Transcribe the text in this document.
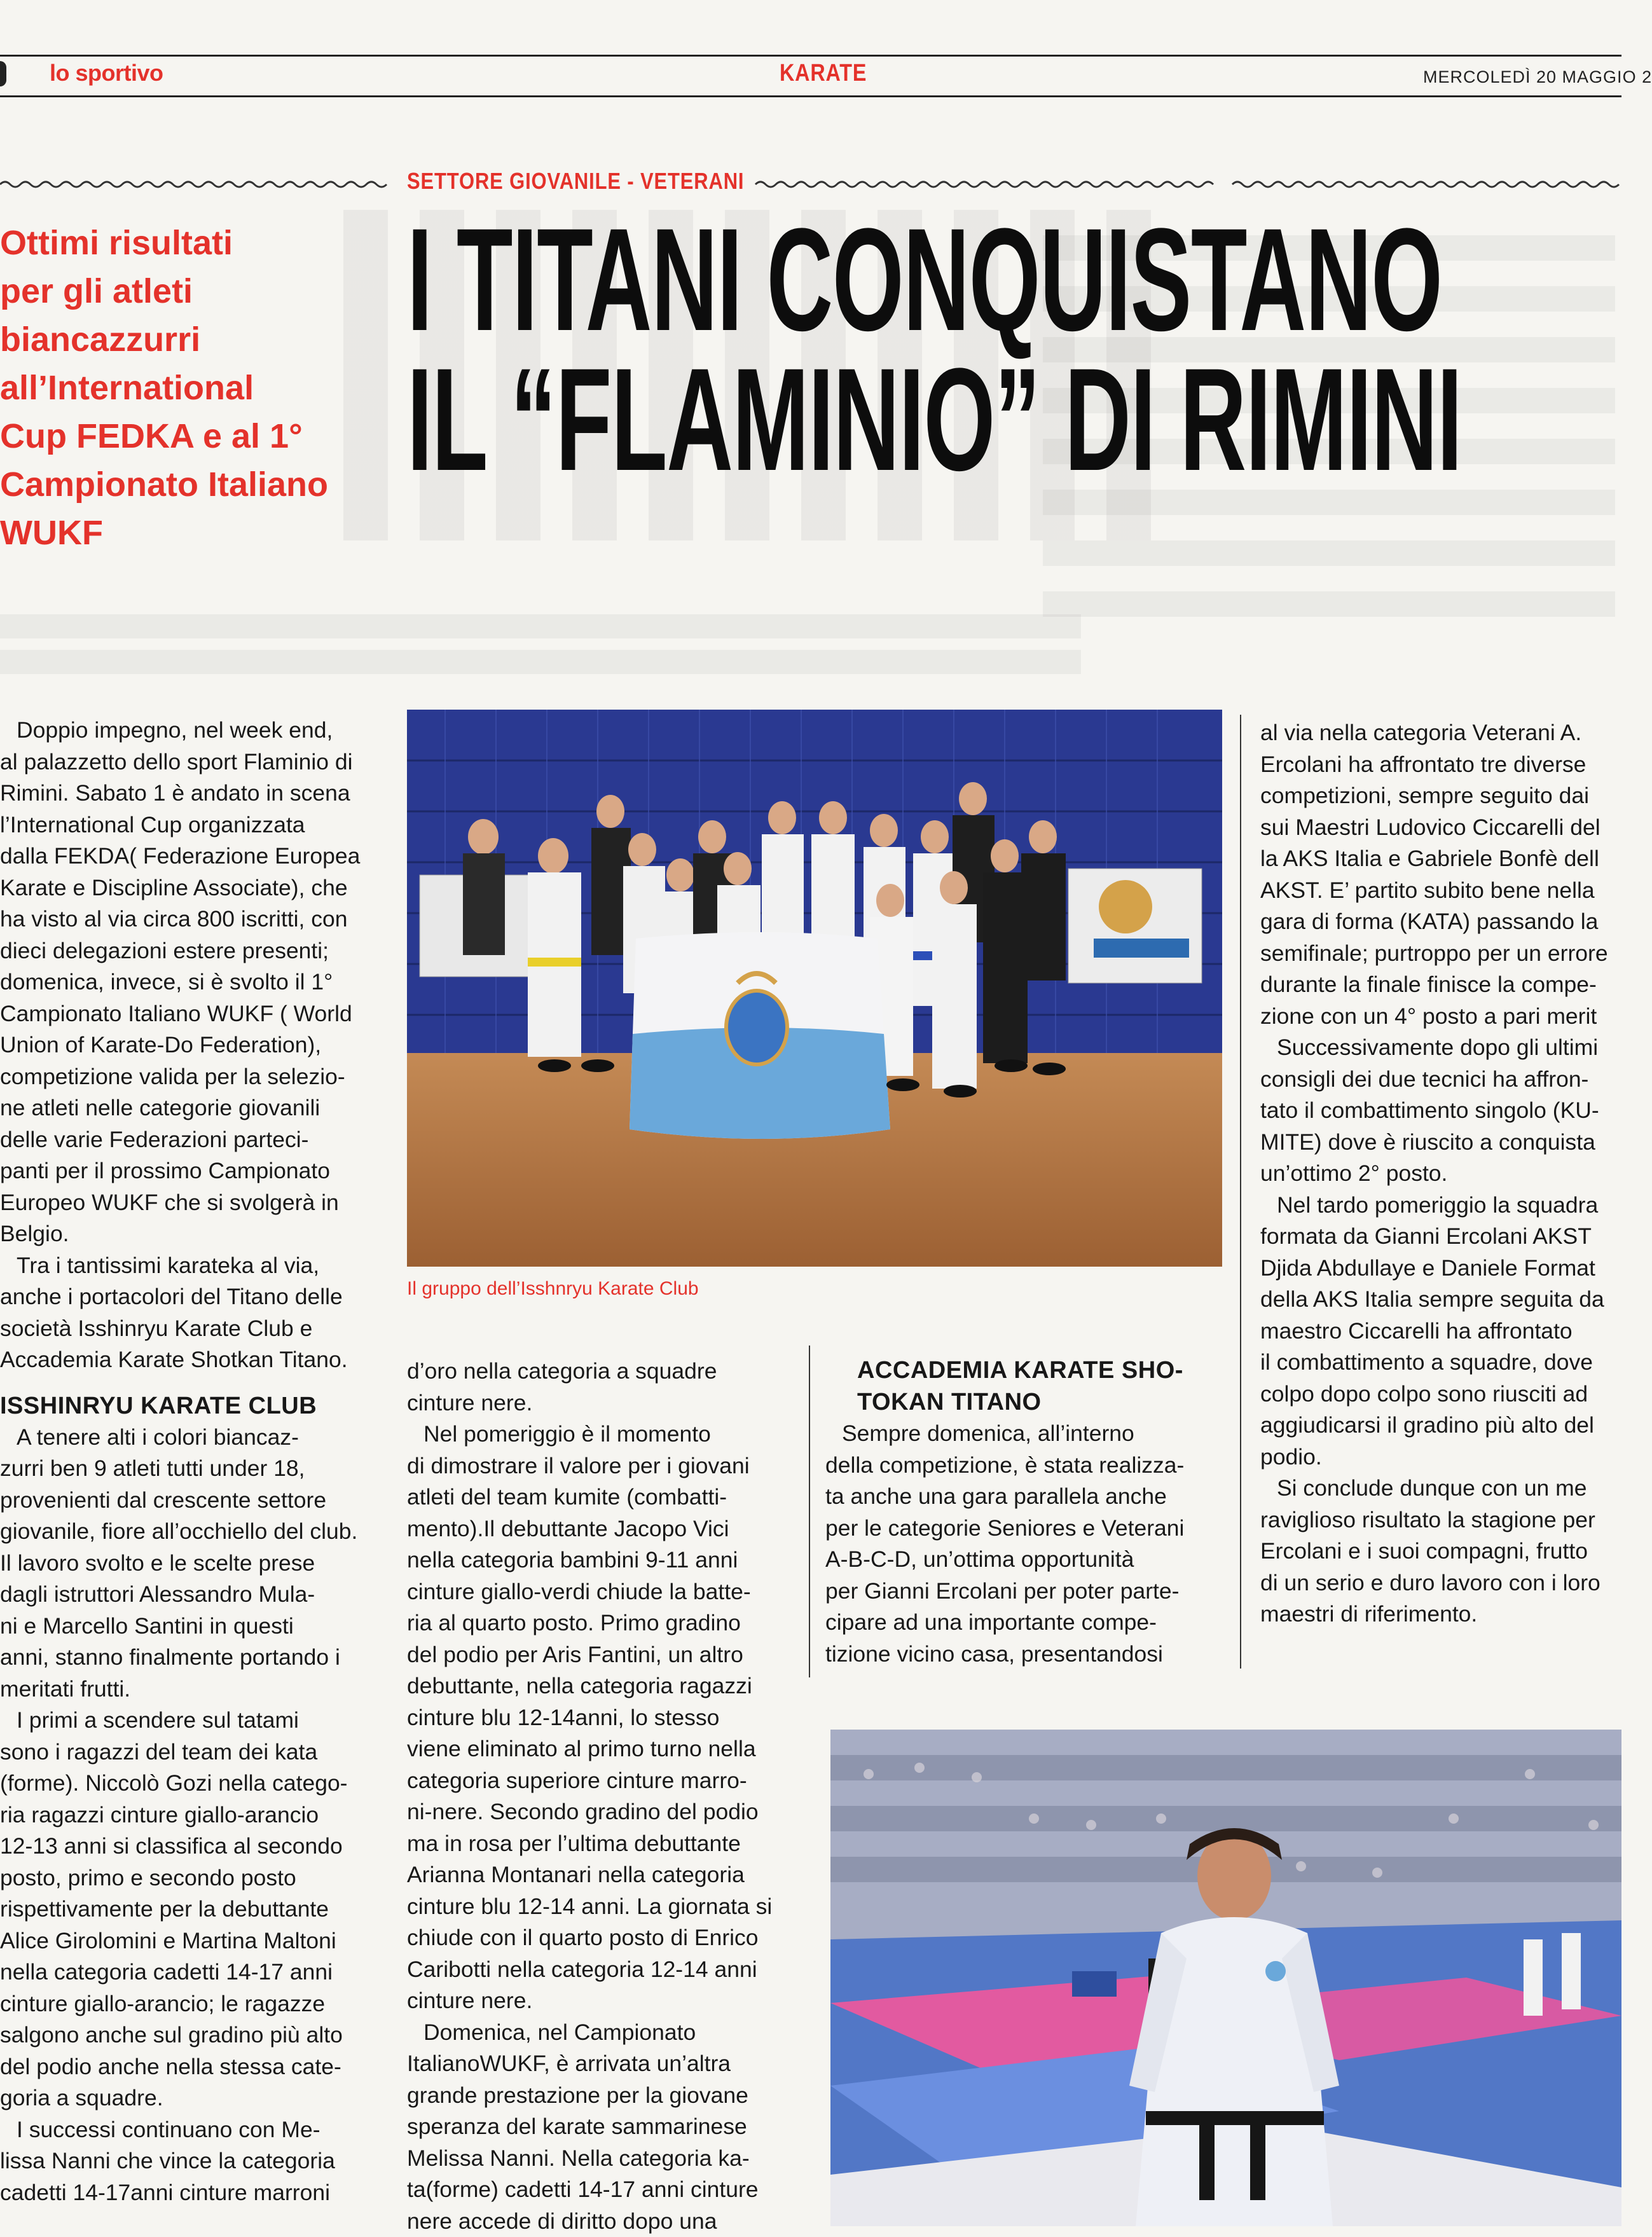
lo sportivo	KARATE	MERCOLEDÌ 20 MAGGIO 2
SETTORE GIOVANILE - VETERANI
I TITANI CONQUISTANO
IL “FLAMINIO” DI RIMINI
Ottimi risultati
per gli atleti
biancazzurri
all’International
Cup FEDKA e al 1°
Campionato Italiano
WUKF

Doppio impegno, nel week end,

al palazzetto dello sport Flaminio di

Rimini. Sabato 1 è andato in scena

l’International Cup organizzata

dalla FEKDA( Federazione Europea

Karate e Discipline Associate), che

ha visto al via circa 800 iscritti, con

dieci delegazioni estere presenti;

domenica, invece, si è svolto il 1°

Campionato Italiano WUKF ( World

Union of Karate-Do Federation),

competizione valida per la selezio-

ne atleti nelle categorie giovanili

delle varie Federazioni parteci-

panti per il prossimo Campionato

Europeo WUKF che si svolgerà in

Belgio.

Tra i tantissimi karateka al via,

anche i portacolori del Titano delle

società Isshinryu Karate Club e

Accademia Karate Shotkan Titano.

ISSHINRYU KARATE CLUB

A tenere alti i colori biancaz-

zurri ben 9 atleti tutti under 18,

provenienti dal crescente settore

giovanile, fiore all’occhiello del club.

Il lavoro svolto e le scelte prese

dagli istruttori Alessandro Mula-

ni e Marcello Santini in questi

anni, stanno finalmente portando i

meritati frutti.

I primi a scendere sul tatami

sono i ragazzi del team dei kata

(forme). Niccolò Gozi nella catego-

ria ragazzi cinture giallo-arancio

12-13 anni si classifica al secondo

posto, primo e secondo posto

rispettivamente per la debuttante

Alice Girolomini e Martina Maltoni

nella categoria cadetti 14-17 anni

cinture giallo-arancio; le ragazze

salgono anche sul gradino più alto

del podio anche nella stessa cate-

goria a squadre.

I successi continuano con Me-

lissa Nanni che vince la categoria

cadetti 14-17anni cinture marroni

Il gruppo dell’Isshnryu Karate Club

d’oro nella categoria a squadre

cinture nere.

Nel pomeriggio è il momento

di dimostrare il valore per i giovani

atleti del team kumite (combatti-

mento).Il debuttante Jacopo Vici

nella categoria bambini 9-11 anni

cinture giallo-verdi chiude la batte-

ria al quarto posto. Primo gradino

del podio per Aris Fantini, un altro

debuttante, nella categoria ragazzi

cinture blu 12-14anni, lo stesso

viene eliminato al primo turno nella

categoria superiore cinture marro-

ni-nere. Secondo gradino del podio

ma in rosa per l’ultima debuttante

Arianna Montanari nella categoria

cinture blu 12-14 anni. La giornata si

chiude con il quarto posto di Enrico

Caribotti nella categoria 12-14 anni

cinture nere.

Domenica, nel Campionato

ItalianoWUKF, è arrivata un’altra

grande prestazione per la giovane

speranza del karate sammarinese

Melissa Nanni. Nella categoria ka-

ta(forme) cadetti 14-17 anni cinture

nere accede di diritto dopo una

ACCADEMIA KARATE SHO-
TOKAN TITANO

Sempre domenica, all’interno

della competizione, è stata realizza-

ta anche una gara parallela anche

per le categorie Seniores e Veterani

A-B-C-D, un’ottima opportunità

per Gianni Ercolani per poter parte-

cipare ad una importante compe-

tizione vicino casa, presentandosi

al via nella categoria Veterani A.

Ercolani ha affrontato tre diverse

competizioni, sempre seguito dai

sui Maestri Ludovico Ciccarelli del

la AKS Italia e Gabriele Bonfè dell

AKST. E’ partito subito bene nella

gara di forma (KATA) passando la

semifinale; purtroppo per un errore

durante la finale finisce la compe-

zione con un 4° posto a pari merit

Successivamente dopo gli ultimi

consigli dei due tecnici ha affron-

tato il combattimento singolo (KU-

MITE) dove è riuscito a conquista

un’ottimo 2° posto.

Nel tardo pomeriggio la squadra

formata da Gianni Ercolani AKST

Djida Abdullaye e Daniele Format

della AKS Italia sempre seguita da

maestro Ciccarelli ha affrontato

il combattimento a squadre, dove

colpo dopo colpo sono riusciti ad

aggiudicarsi il gradino più alto del

podio.

Si conclude dunque con un me

raviglioso risultato la stagione per

Ercolani e i suoi compagni, frutto

di un serio e duro lavoro con i loro

maestri di riferimento.
